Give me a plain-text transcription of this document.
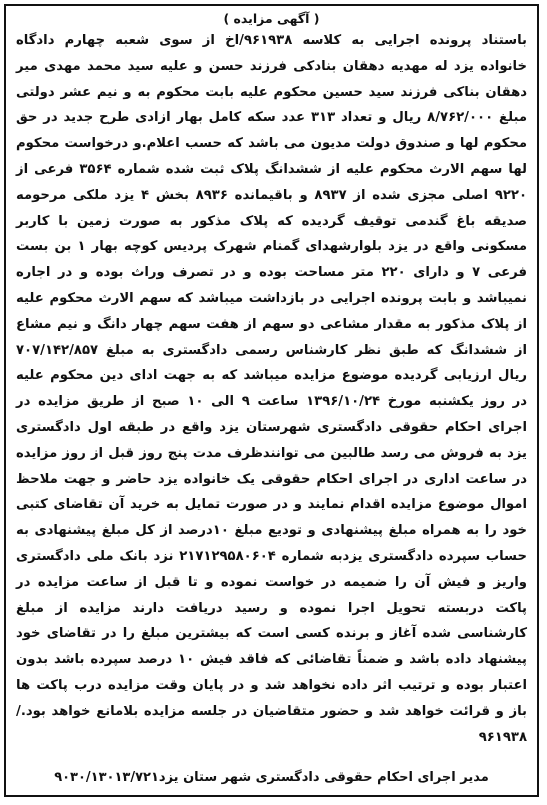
( آگهی مزایده )

باستناد پرونده اجرایی به کلاسه ۹۶۱۹۳۸/اخ از سوی شعبه چهارم دادگاه خانواده یزد له مهدیه دهقان بنادکی فرزند حسن و علیه سید محمد مهدی میر دهقان بناکی فرزند سید حسین محکوم علیه بابت محکوم به و نیم عشر دولتی مبلغ ۸/۷۶۲/۰۰۰ ریال و تعداد ۳۱۳ عدد سکه کامل بهار ازادی طرح جدید در حق محکوم لها و صندوق دولت مدیون می باشد که حسب اعلام.و درخواست محکوم لها سهم الارث محکوم علیه از ششدانگ پلاک ثبت شده شماره ۳۵۶۴ فرعی از ۹۲۲۰ اصلی مجزی شده از ۸۹۳۷ و باقیمانده ۸۹۳۶ بخش ۴ یزد ملکی مرحومه صدیقه باغ گندمی توقیف گردیده که پلاک مذکور به صورت زمین با کاربر مسکونی واقع در یزد بلوارشهدای گمنام شهرک پردیس کوچه بهار ۱ بن بست فرعی ۷ و دارای ۲۲۰ متر مساحت بوده و در تصرف وراث بوده و در اجاره نمیباشد و بابت پرونده اجرایی در بازداشت میباشد که سهم الارث محکوم علیه از پلاک مذکور به مقدار مشاعی دو سهم از هفت سهم چهار دانگ و نیم مشاع از ششدانگ که طبق نظر کارشناس رسمی دادگستری به مبلغ ۷۰۷/۱۴۲/۸۵۷ ریال ارزیابی گردیده موضوع مزایده میباشد که به جهت ادای دین محکوم علیه در روز یکشنبه مورخ ۱۳۹۶/۱۰/۲۴ ساعت ۹ الی ۱۰ صبح از طریق مزایده در اجرای احکام حقوقی دادگستری شهرستان یزد واقع در طبقه اول دادگستری یزد به فروش می رسد طالبین می توانندظرف مدت پنج روز قبل از روز مزایده در ساعت اداری در اجرای احکام حقوقی یک خانواده یزد حاضر و جهت ملاحظ اموال موضوع مزایده اقدام نمایند و در صورت تمایل به خرید آن تقاضای کتبی خود را به همراه مبلغ پیشنهادی و تودیع مبلغ ۱۰درصد از کل مبلغ پیشنهادی به حساب سپرده دادگستری یزدبه شماره ۲۱۷۱۲۹۵۸۰۶۰۴ نزد بانک ملی دادگستری واریز و فیش آن را ضمیمه در خواست نموده و تا قبل از ساعت مزایده در پاکت دربسته تحویل اجرا نموده و رسید دریافت دارند مزایده از مبلغ کارشناسی شده آغاز و برنده کسی است که بیشترین مبلغ را در تقاضای خود پیشنهاد داده باشد و ضمناً تقاضائی که فاقد فیش ۱۰ درصد سپرده باشد بدون اعتبار بوده و ترتیب اثر داده نخواهد شد و در پایان وقت مزایده درب پاکت ها باز و قرائت خواهد شد و حضور متقاضیان در جلسه مزایده بلامانع خواهد بود./ ۹۶۱۹۳۸

مدیر اجرای احکام حقوقی دادگستری شهر ستان یزد۹۰۳۰/۱۳۰۱۳/۷۲۱
